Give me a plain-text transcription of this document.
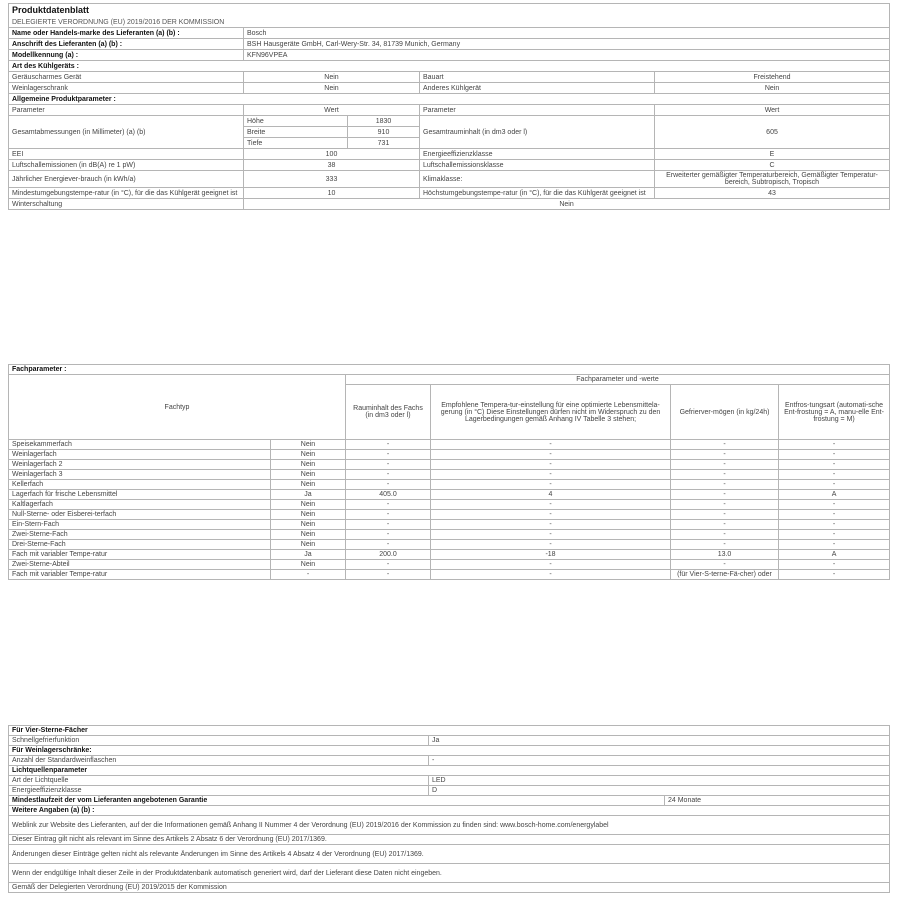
Produktdatenblatt				
DELEGIERTE VERORDNUNG (EU) 2019/2016 DER KOMMISSION				
Name oder Handels-marke des Lieferanten (a) (b) :	Bosch			
Anschrift des Lieferanten (a) (b) :	BSH Hausgeräte GmbH, Carl-Wery-Str. 34, 81739 Munich, Germany			
Modellkennung (a) :	KFN96VPEA			
Art des Kühlgeräts :				
Geräuscharmes Gerät	Nein		Bauart	Freistehend
Weinlagerschrank	Nein		Anderes Kühlgerät	Nein
Allgemeine Produktparameter :				
Parameter	Wert		Parameter	Wert
Gesamtabmessungen (in Millimeter) (a) (b)	Höhe	1830	Gesamtrauminhalt (in dm3 oder l)	605
	Breite	910		
	Tiefe	731		
EEI	100		Energieeffizienzklasse	E
Luftschallemissionen (in dB(A) re 1 pW)	38		Luftschallemissionsklasse	C
Jährlicher Energiever-brauch (in kWh/a)	333		Klimaklasse:	Erweiterter gemäßigter Temperaturbereich, Gemäßigter Temperatur-bereich, Subtropisch, Tropisch
Mindestumgebungstempe-ratur (in °C), für die das Kühlgerät geeignet ist	10		Höchstumgebungstempe-ratur (in °C), für die das Kühlgerät geeignet ist	43
Winterschaltung	Nein			
Fachparameter :					
Fachtyp		Fachparameter und -werte			
		Rauminhalt des Fachs (in dm3 oder l)	Empfohlene Tempera-tur-einstellung für eine optimierte Lebensmittela-gerung (in °C) Diese Einstellungen dürfen nicht im Widerspruch zu den Lagerbedingungen gemäß Anhang IV Tabelle 3 stehen;	Gefrierver-mögen (in kg/24h)	Entfros-tungsart (automati-sche Ent-frostung = A, manu-elle Ent-frostung = M)
Speisekammerfach	Nein	-	-	-	-
Weinlagerfach	Nein	-	-	-	-
Weinlagerfach 2	Nein	-	-	-	-
Weinlagerfach 3	Nein	-	-	-	-
Kellerfach	Nein	-	-	-	-
Lagerfach für frische Lebensmittel	Ja	405.0	4	-	A
Kaltlagerfach	Nein	-	-	-	-
Null-Sterne- oder Eisberei-terfach	Nein	-	-	-	-
Ein-Stern-Fach	Nein	-	-	-	-
Zwei-Sterne-Fach	Nein	-	-	-	-
Drei-Sterne-Fach	Nein	-	-	-	-
Fach mit variabler Tempe-ratur	Ja	200.0	-18	13.0	A
Zwei-Sterne-Abteil	Nein	-	-	-	-
Fach mit variabler Tempe-ratur	-	-	-	(für Vier-S-terne-Fä-cher) oder	-
Für Vier-Sterne-Fächer		
Schnellgefrierfunktion	Ja	
Für Weinlagerschränke:		
Anzahl der Standardweinflaschen	-	
Lichtquellenparameter		
Art der Lichtquelle	LED	
Energieeffizienzklasse	D	
Mindestlaufzeit der vom Lieferanten angebotenen Garantie		24 Monate
Weitere Angaben (a) (b) :		
Weblink zur Website des Lieferanten, auf der die Informationen gemäß Anhang II Nummer 4 der Verordnung (EU) 2019/2016 der Kommission zu finden sind: www.bosch-home.com/energylabel		
Dieser Eintrag gilt nicht als relevant im Sinne des Artikels 2 Absatz 6 der Verordnung (EU) 2017/1369.		
Änderungen dieser Einträge gelten nicht als relevante Änderungen im Sinne des Artikels 4 Absatz 4 der Verordnung (EU) 2017/1369.		
Wenn der endgültige Inhalt dieser Zeile in der Produktdatenbank automatisch generiert wird, darf der Lieferant diese Daten nicht eingeben.		
Gemäß der Delegierten Verordnung (EU) 2019/2015 der Kommission		
